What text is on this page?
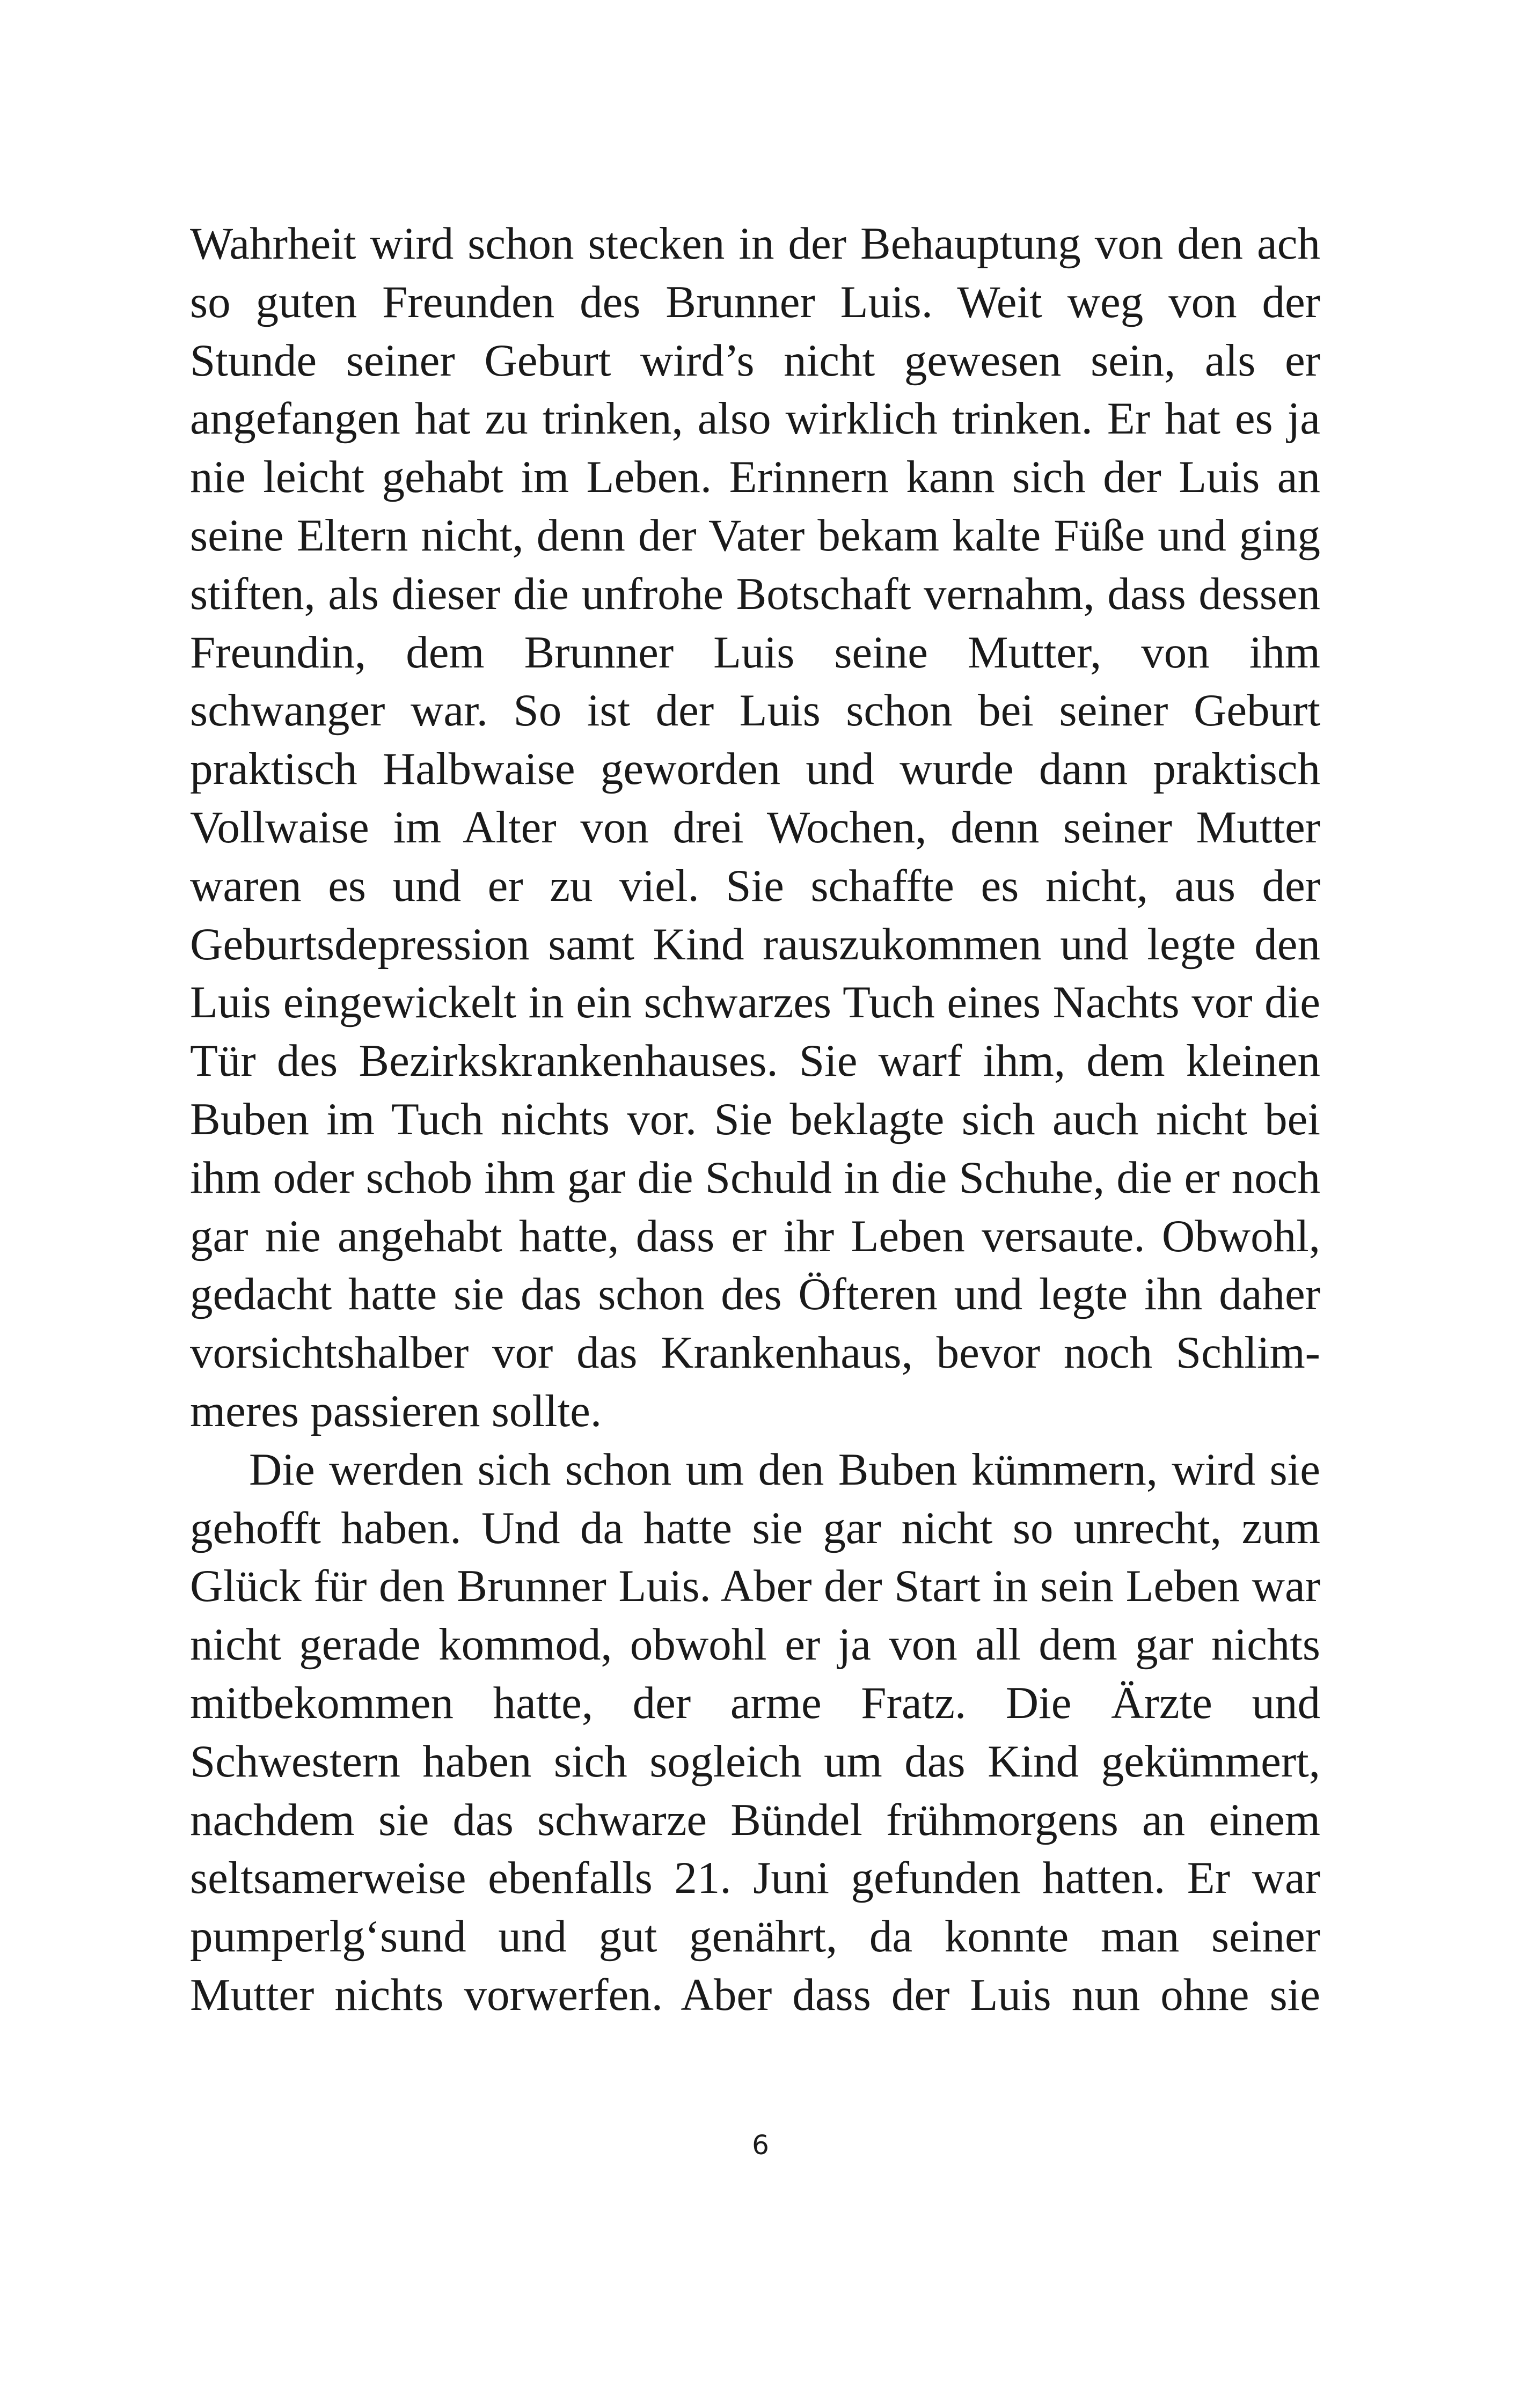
Wahrheit wird schon stecken in der Behauptung von den ach
so guten Freunden des Brunner Luis. Weit weg von der
Stunde seiner Geburt wird’s nicht gewesen sein, als er
angefangen hat zu trinken, also wirklich trinken. Er hat es ja
nie leicht gehabt im Leben. Erinnern kann sich der Luis an
seine Eltern nicht, denn der Vater bekam kalte Füße und ging
stiften, als dieser die unfrohe Botschaft vernahm, dass dessen
Freundin, dem Brunner Luis seine Mutter, von ihm
schwanger war. So ist der Luis schon bei seiner Geburt
praktisch Halbwaise geworden und wurde dann praktisch
Vollwaise im Alter von drei Wochen, denn seiner Mutter
waren es und er zu viel. Sie schaffte es nicht, aus der
Geburtsdepression samt Kind rauszukommen und legte den
Luis eingewickelt in ein schwarzes Tuch eines Nachts vor die
Tür des Bezirkskrankenhauses. Sie warf ihm, dem kleinen
Buben im Tuch nichts vor. Sie beklagte sich auch nicht bei
ihm oder schob ihm gar die Schuld in die Schuhe, die er noch
gar nie angehabt hatte, dass er ihr Leben versaute. Obwohl,
gedacht hatte sie das schon des Öfteren und legte ihn daher
vorsichtshalber vor das Krankenhaus, bevor noch Schlim-
meres passieren sollte.
Die werden sich schon um den Buben kümmern, wird sie
gehofft haben. Und da hatte sie gar nicht so unrecht, zum
Glück für den Brunner Luis. Aber der Start in sein Leben war
nicht gerade kommod, obwohl er ja von all dem gar nichts
mitbekommen hatte, der arme Fratz. Die Ärzte und
Schwestern haben sich sogleich um das Kind gekümmert,
nachdem sie das schwarze Bündel frühmorgens an einem
seltsamerweise ebenfalls 21. Juni gefunden hatten. Er war
pumperlg‘sund und gut genährt, da konnte man seiner
Mutter nichts vorwerfen. Aber dass der Luis nun ohne sie
6
